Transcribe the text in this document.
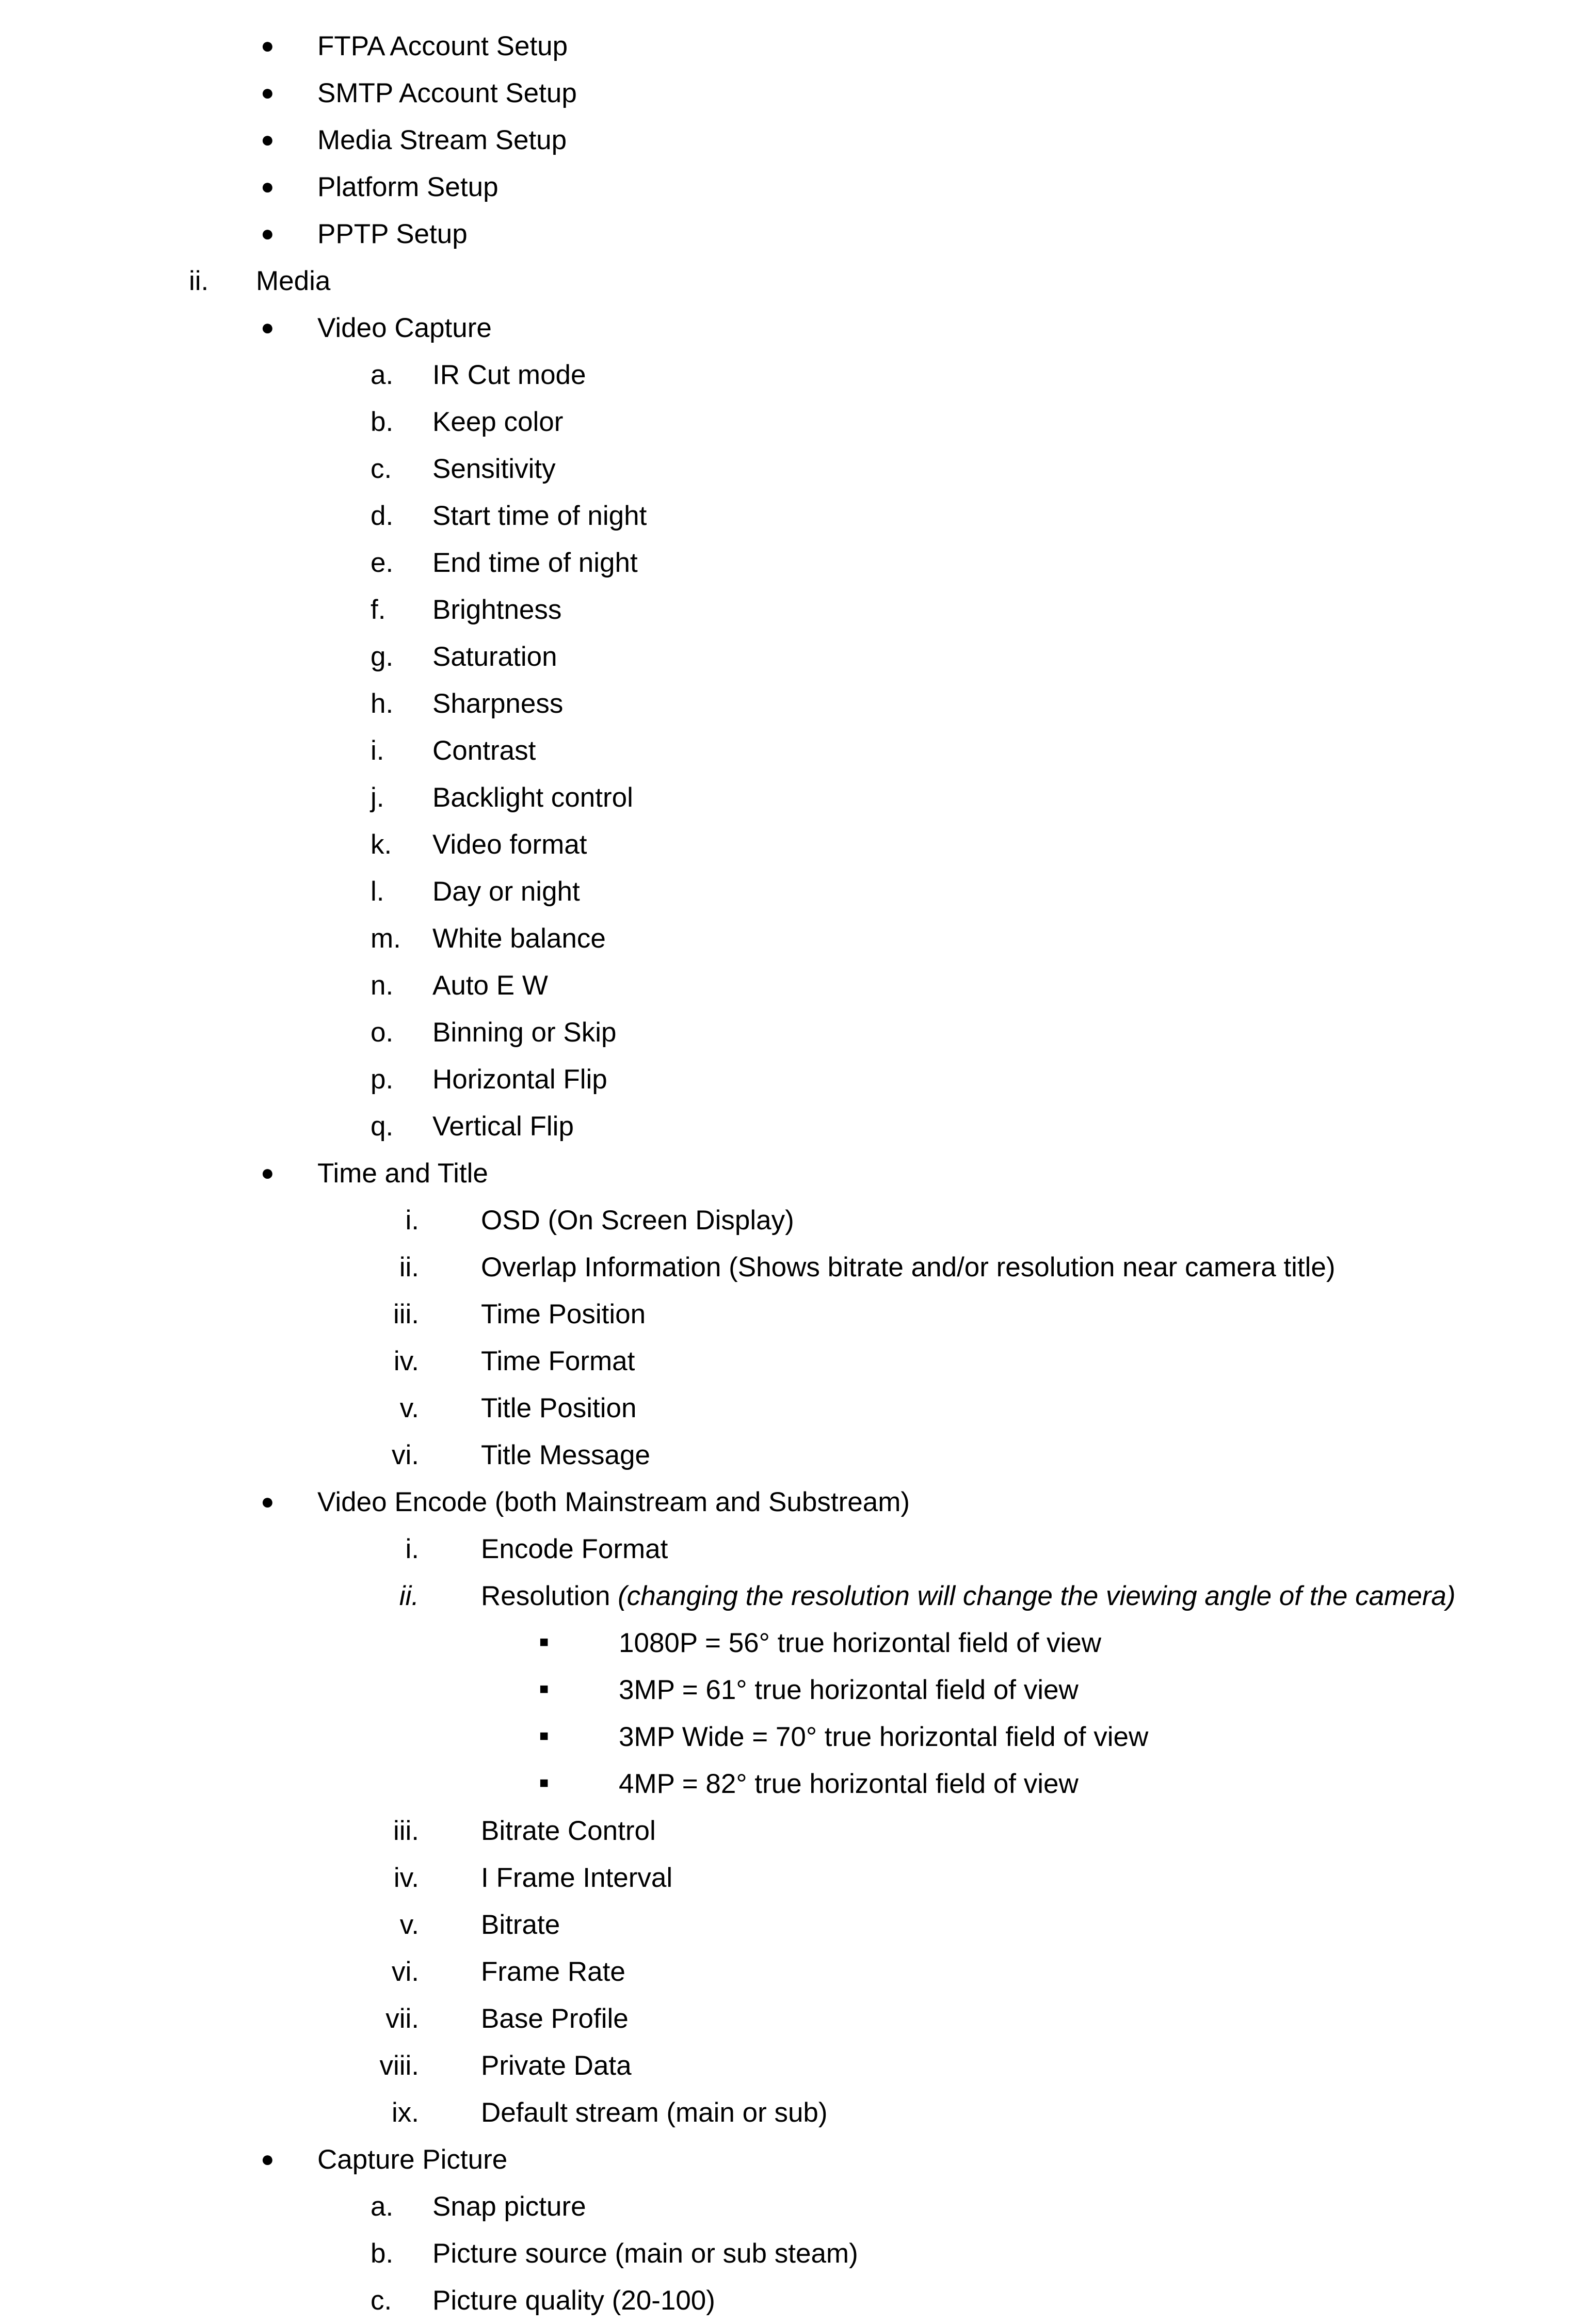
● FTPA Account Setup
● SMTP Account Setup
● Media Stream Setup
● Platform Setup
● PPTP Setup
ii.	Media
● Video Capture
a.	IR Cut mode
b.	Keep color
c.	Sensitivity
d.	Start time of night
e.	End time of night
f.	Brightness
g.	Saturation
h.	Sharpness
i.	Contrast
j.	Backlight control
k.	Video format
l.	Day or night
m.	White balance
n.	Auto E W
o.	Binning or Skip
p.	Horizontal Flip
q.	Vertical Flip
● Time and Title
i. OSD (On Screen Display)
ii. Overlap Information (Shows bitrate and/or resolution near camera title)
iii. Time Position
iv. Time Format
v. Title Position
vi. Title Message
● Video Encode (both Mainstream and Substream)
i. Encode Format
ii. Resolution (changing the resolution will change the viewing angle of the camera)
■	1080P = 56° true horizontal field of view
■	3MP = 61° true horizontal field of view
■	3MP Wide = 70° true horizontal field of view
■	4MP = 82° true horizontal field of view
iii. Bitrate Control
iv. I Frame Interval
v. Bitrate
vi. Frame Rate
vii. Base Profile
viii. Private Data
ix. Default stream (main or sub)
● Capture Picture
a.	Snap picture
b.	Picture source (main or sub steam)
c.	Picture quality (20-100)
